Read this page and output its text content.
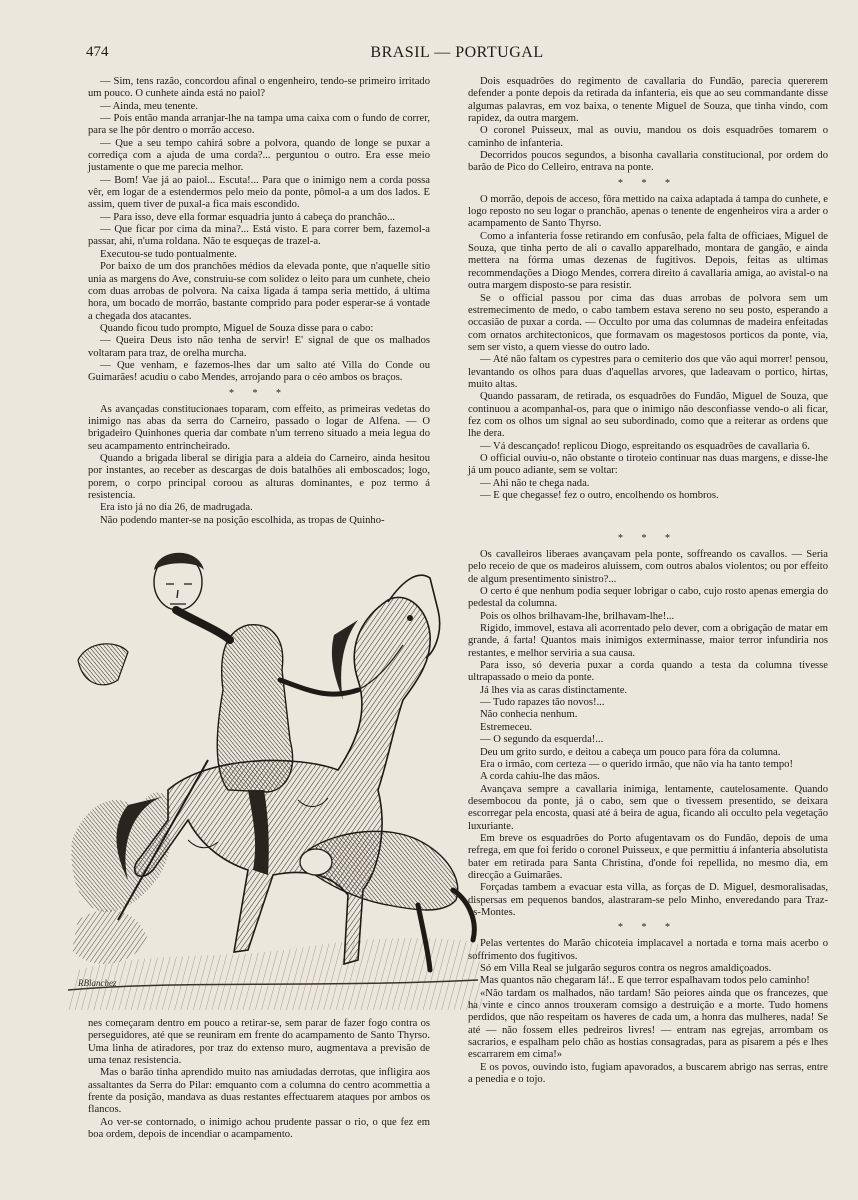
474	BRASIL — PORTUGAL

— Sim, tens razão, concordou afinal o engenheiro, tendo-se primeiro irritado um pouco. O cunhete ainda está no paiol?

— Ainda, meu tenente.

— Pois então manda arranjar-lhe na tampa uma caixa com o fundo de correr, para se lhe pôr dentro o morrão acceso.

— Que a seu tempo cahirá sobre a polvora, quando de longe se puxar a corrediça com a ajuda de uma corda?... perguntou o outro. Era esse meio justamente o que me parecia melhor.

— Bom! Vae já ao paiol... Escuta!... Para que o inimigo nem a corda possa vêr, em logar de a estendermos pelo meio da ponte, pômol-a a um dos lados. E assim, quem tiver de puxal-a fica mais escondido.

— Para isso, deve ella formar esquadria junto á cabeça do pranchão...

— Que ficar por cima da mina?... Está visto. E para correr bem, fazemol-a passar, ahi, n'uma roldana. Não te esqueças de trazel-a.

Executou-se tudo pontualmente.

Por baixo de um dos pranchões médios da elevada ponte, que n'aquelle sitio unia as margens do Ave, construiu-se com solidez o leito para um cunhete, cheio com duas arrobas de polvora. Na caixa ligada á tampa seria mettido, á ultima hora, um bocado de morrão, bastante comprido para poder esperar-se á vontade a chegada dos atacantes.

Quando ficou tudo prompto, Miguel de Souza disse para o cabo:

— Queira Deus isto não tenha de servir! E' signal de que os malhados voltaram para traz, de orelha murcha.

— Que venham, e fazemos-lhes dar um salto até Villa do Conde ou Guimarães! acudiu o cabo Mendes, arrojando para o céo ambos os braços.

* * *

As avançadas constitucionaes toparam, com effeito, as primeiras vedetas do inimigo nas abas da serra do Carneiro, passado o logar de Alfena. — O brigadeiro Quinhones queria dar combate n'um terreno situado a meia legua do seu acampamento entrincheirado.

Quando a brigada liberal se dirigia para a aldeia do Carneiro, ainda hesitou por instantes, ao receber as descargas de dois batalhões ali emboscados; logo, porem, o corpo principal coroou as alturas dominantes, e poz termo á resistencia.

Era isto já no dia 26, de madrugada.

Não podendo manter-se na posição escolhida, as tropas de Quinho-

Dois esquadrões do regimento de cavallaria do Fundão, parecia quererem defender a ponte depois da retirada da infanteria, eis que ao seu commandante disse algumas palavras, em voz baixa, o tenente Miguel de Souza, que tinha vindo, com rapidez, da outra margem.

O coronel Puisseux, mal as ouviu, mandou os dois esquadrões tomarem o caminho de infanteria.

Decorridos poucos segundos, a bisonha cavallaria constitucional, por ordem do barão de Pico do Celleiro, entrava na ponte.

* * *

O morrão, depois de acceso, fôra mettido na caixa adaptada á tampa do cunhete, e logo reposto no seu logar o pranchão, apenas o tenente de engenheiros vira a arder o acampamento de Santo Thyrso.

Como a infanteria fosse retirando em confusão, pela falta de officiaes, Miguel de Souza, que tinha perto de ali o cavallo apparelhado, montara de gangão, e ainda mettera na fórma umas dezenas de fugitivos. Depois, feitas as ultimas recommendações a Diogo Mendes, correra direito á cavallaria amiga, ao avistal-o na outra margem disposto-se para resistir.

Se o official passou por cima das duas arrobas de polvora sem um estremecimento de medo, o cabo tambem estava sereno no seu posto, esperando a occasião de puxar a corda. — Occulto por uma das columnas de madeira enfeitadas com ornatos architectonicos, que formavam os magestosos porticos da ponte, via, sem ser visto, a quem viesse do outro lado.

— Até não faltam os cypestres para o cemiterio dos que vão aqui morrer! pensou, levantando os olhos para duas d'aquellas arvores, que ladeavam o portico, hirtas, muito altas.

Quando passaram, de retirada, os esquadrões do Fundão, Miguel de Souza, que continuou a acompanhal-os, para que o inimigo não desconfiasse vendo-o ali ficar, fez com os olhos um signal ao seu subordinado, como que a reiterar as ordens que lhe dera.

— Vá descançado! replicou Diogo, espreitando os esquadrões de cavallaria 6.

O official ouviu-o, não obstante o tiroteio continuar nas duas margens, e disse-lhe já um pouco adiante, sem se voltar:

— Ahi não te chega nada.

— E que chegasse! fez o outro, encolhendo os hombros.

RBlanchez
* * *

Os cavalleiros liberaes avançavam pela ponte, soffreando os cavallos. — Seria pelo receio de que os madeiros aluissem, com outros abalos violentos; ou por effeito de algum presentimento sinistro?...

O certo é que nenhum podia sequer lobrigar o cabo, cujo rosto apenas emergia do pedestal da columna.

Pois os olhos brilhavam-lhe, brilhavam-lhe!...

Rigido, immovel, estava ali acorrentado pelo dever, com a obrigação de matar em grande, á farta! Quantos mais inimigos exterminasse, maior terror infundiria nos restantes, e melhor serviria a sua causa.

Para isso, só deveria puxar a corda quando a testa da columna tivesse ultrapassado o meio da ponte.

Já lhes via as caras distinctamente.

— Tudo rapazes tão novos!...

Não conhecia nenhum.

Estremeceu.

— O segundo da esquerda!...

Deu um grito surdo, e deitou a cabeça um pouco para fóra da columna.

Era o irmão, com certeza — o querido irmão, que não via ha tanto tempo!

A corda cahiu-lhe das mãos.

Avançava sempre a cavallaria inimiga, lentamente, cautelosamente. Quando desembocou da ponte, já o cabo, sem que o tivessem presentido, se deixara escorregar pela encosta, quasi até á beira de agua, ficando ali occulto pela vegetação luxuriante.

Em breve os esquadrões do Porto afugentavam os do Fundão, depois de uma refrega, em que foi ferido o coronel Puisseux, e que permittiu á infanteria absolutista bater em retirada para Santa Christina, d'onde foi repellida, no mesmo dia, em direcção a Guimarães.

Forçadas tambem a evacuar esta villa, as forças de D. Miguel, desmoralisadas, dispersas em pequenos bandos, alastraram-se pelo Minho, enveredando para Traz-os-Montes.

* * *

Pelas vertentes do Marão chicoteia implacavel a nortada e torna mais acerbo o soffrimento dos fugitivos.

Só em Villa Real se julgarão seguros contra os negros amaldiçoados.

Mas quantos não chegaram lá!.. E que terror espalhavam todos pelo caminho!

«Não tardam os malhados, não tardam! São peiores ainda que os francezes, que ha vinte e cinco annos trouxeram comsigo a destruição e a morte. Tudo homens perdidos, que não respeitam os haveres de cada um, a honra das mulheres, nada! Se até — não fossem elles pedreiros livres! — entram nas egrejas, arrombam os sacrarios, e espalham pelo chão as hostias consagradas, para as pisarem a pés e lhes escarrarem em cima!»

E os povos, ouvindo isto, fugiam apavorados, a buscarem abrigo nas serras, entre a penedia e o tojo.

nes começaram dentro em pouco a retirar-se, sem parar de fazer fogo contra os perseguidores, até que se reuniram em frente do acampamento de Santo Thyrso. Uma linha de atiradores, por traz do extenso muro, augmentava a previsão de uma tenaz resistencia.

Mas o barão tinha aprendido muito nas amiudadas derrotas, que infligira aos assaltantes da Serra do Pilar: emquanto com a columna do centro acommettia a frente da posição, mandava as duas restantes effectuarem ataques por ambos os flancos.

Ao ver-se contornado, o inimigo achou prudente passar o rio, o que fez em boa ordem, depois de incendiar o acampamento.
